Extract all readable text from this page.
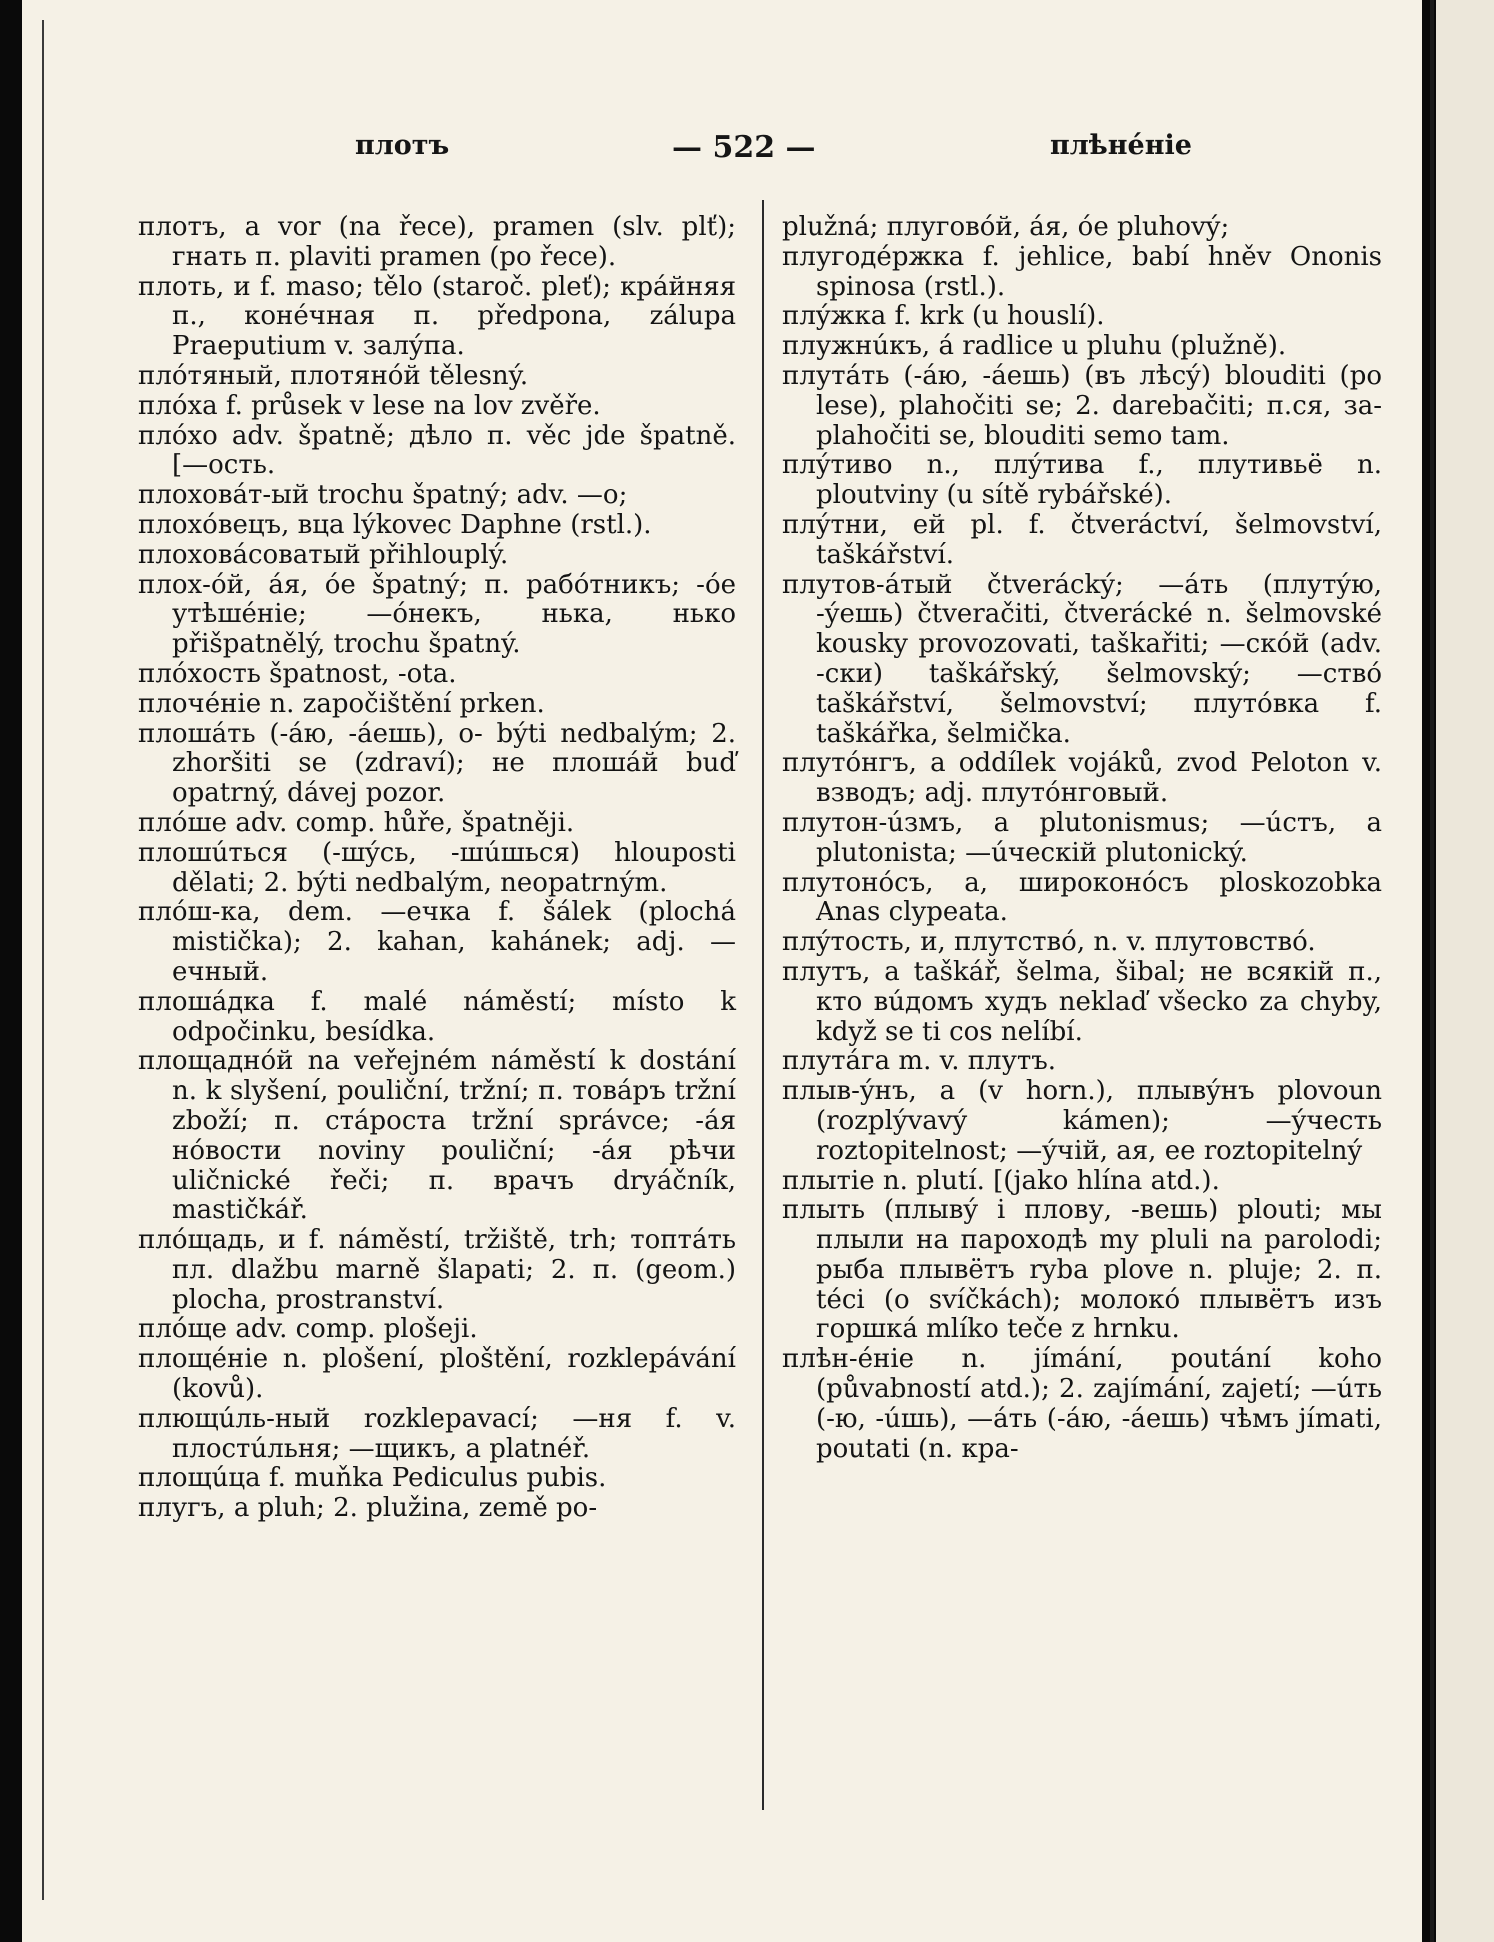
плотъ	— 522 —	плѣнéніе

плотъ, а vor (na řece), pramen (slv. plť); гнать п. plaviti pramen (po řece).

плоть, и f. maso; tělo (staroč. pleť); крáйняя п., конéчная п. předpona, zálupa Praeputium v. залýпа.

плóтяный, плотянóй tělesný.

плóха f. průsek v lese na lov zvěře.

плóхо adv. špatně; дѣло п. věc jde špatně. [—ость.

плоховáт-ый trochu špatný; adv. —о;

плохóвецъ, вца lýkovec Daphne (rstl.).

плоховáсоватый přihlouplý.

плох-óй, áя, óе špatný; п. рабóтникъ; -óе утѣшéніе; —óнекъ, нька, нько přišpatnělý, trochu špatný.

плóхость špatnost, -ota.

плочéніе n. započištění prken.

плошáть (-áю, -áешь), о- býti nedbalým; 2. zhoršiti se (zdraví); не плошáй buď opatrný, dávej pozor.

плóше adv. comp. hůře, špatněji.

плошúться (-шýсь, -шúшься) hlouposti dělati; 2. býti nedbalým, neopatrným.

плóш-ка, dem. —ечка f. šálek (plochá mistička); 2. kahan, kahánek; adj. —ечный.

плошáдка f. malé náměstí; místo k odpočinku, besídka.

площаднóй na veřejném náměstí k dostání n. k slyšení, pouliční, tržní; п. товáръ tržní zboží; п. стáроста tržní správce; -áя нóвости noviny pouliční; -áя рѣчи uličnické řeči; п. врачъ dryáčník, mastičkář.

плóщадь, и f. náměstí, tržiště, trh; топтáть пл. dlažbu marně šlapati; 2. п. (geom.) plocha, prostranství.

плóще adv. comp. plošeji.

площéніе n. plošení, ploštění, rozklepávání (kovů).

плющúль-ный rozklepavací; —ня f. v. плостúльня; —щикъ, а platnéř.

площúца f. muňka Pediculus pubis.

плугъ, а pluh; 2. plužina, země po-

plužná; плуговóй, áя, óе pluhový;

плугодéржка f. jehlice, babí hněv Ononis spinosa (rstl.).

плýжка f. krk (u houslí).

плужнúкъ, á radlice u pluhu (plužně).

плутáть (-áю, -áешь) (въ лѣсý) blouditi (po lese), plahočiti se; 2. darebačiti; п.ся, за- plahočiti se, blouditi semo tam.

плýтиво n., плýтива f., плутивьё n. ploutviny (u sítě rybářské).

плýтни, ей pl. f. čtveráctví, šelmovství, taškářství.

плутов-áтый čtverácký; —áть (плутýю, -ýешь) čtveračiti, čtverácké n. šelmovské kousky provozovati, taškařiti; —скóй (adv. -ски) taškářský, šelmovský; —ствó taškářství, šelmovství; плутóвка f. taškářka, šelmička.

плутóнгъ, а oddílek vojáků, zvod Peloton v. взводъ; adj. плутóнговый.

плутон-úзмъ, а plutonismus; —úстъ, а plutonista; —úческій plutonický.

плутонóсъ, а, широконóсъ ploskozobka Anas clypeata.

плýтость, и, плутствó, n. v. плутовствó.

плутъ, а taškář, šelma, šibal; не всякій п., кто вúдомъ худъ neklaď všecko za chyby, když se ti cos nelíbí.

плутáга m. v. плутъ.

плыв-ýнъ, а (v horn.), плывýнъ plovoun (rozplývavý kámen); —ýчесть roztopitelnost; —ýчій, ая, ее roztopitelný

плытіе n. plutí. [(jako hlína atd.).

плыть (плывý i плову, -вешь) plouti; мы плыли на пароходѣ my pluli na parolodi; рыба плывётъ ryba plove n. pluje; 2. п. téci (o svíčkách); молокó плывётъ изъ горшкá mlíko teče z hrnku.

плѣн-éніе n. jímání, poutání koho (půvabností atd.); 2. zajímání, zajetí; —úть (-ю, -úшь), —áть (-áю, -áешь) чѣмъ jímati, poutati (n. кра-
